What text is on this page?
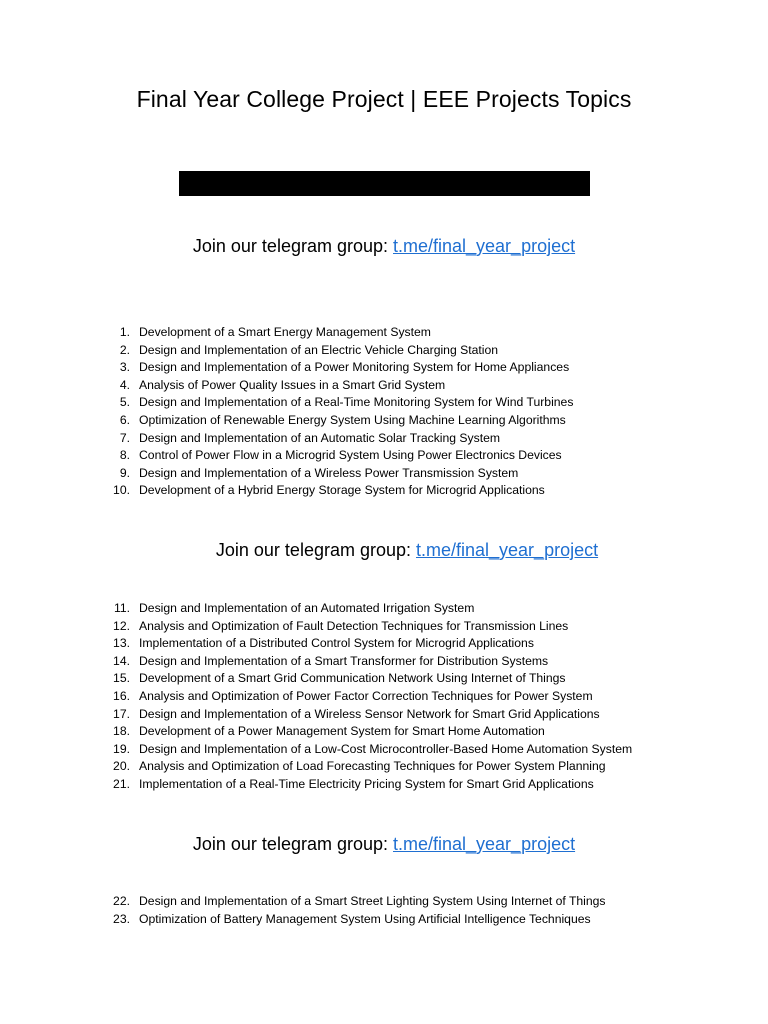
Final Year College Project | EEE Projects Topics
Join our telegram group: t.me/final_year_project
1. Development of a Smart Energy Management System
2. Design and Implementation of an Electric Vehicle Charging Station
3. Design and Implementation of a Power Monitoring System for Home Appliances
4. Analysis of Power Quality Issues in a Smart Grid System
5. Design and Implementation of a Real-Time Monitoring System for Wind Turbines
6. Optimization of Renewable Energy System Using Machine Learning Algorithms
7. Design and Implementation of an Automatic Solar Tracking System
8. Control of Power Flow in a Microgrid System Using Power Electronics Devices
9. Design and Implementation of a Wireless Power Transmission System
10. Development of a Hybrid Energy Storage System for Microgrid Applications
Join our telegram group: t.me/final_year_project
11. Design and Implementation of an Automated Irrigation System
12. Analysis and Optimization of Fault Detection Techniques for Transmission Lines
13. Implementation of a Distributed Control System for Microgrid Applications
14. Design and Implementation of a Smart Transformer for Distribution Systems
15. Development of a Smart Grid Communication Network Using Internet of Things
16. Analysis and Optimization of Power Factor Correction Techniques for Power System
17. Design and Implementation of a Wireless Sensor Network for Smart Grid Applications
18. Development of a Power Management System for Smart Home Automation
19. Design and Implementation of a Low-Cost Microcontroller-Based Home Automation System
20. Analysis and Optimization of Load Forecasting Techniques for Power System Planning
21. Implementation of a Real-Time Electricity Pricing System for Smart Grid Applications
Join our telegram group: t.me/final_year_project
22. Design and Implementation of a Smart Street Lighting System Using Internet of Things
23. Optimization of Battery Management System Using Artificial Intelligence Techniques
